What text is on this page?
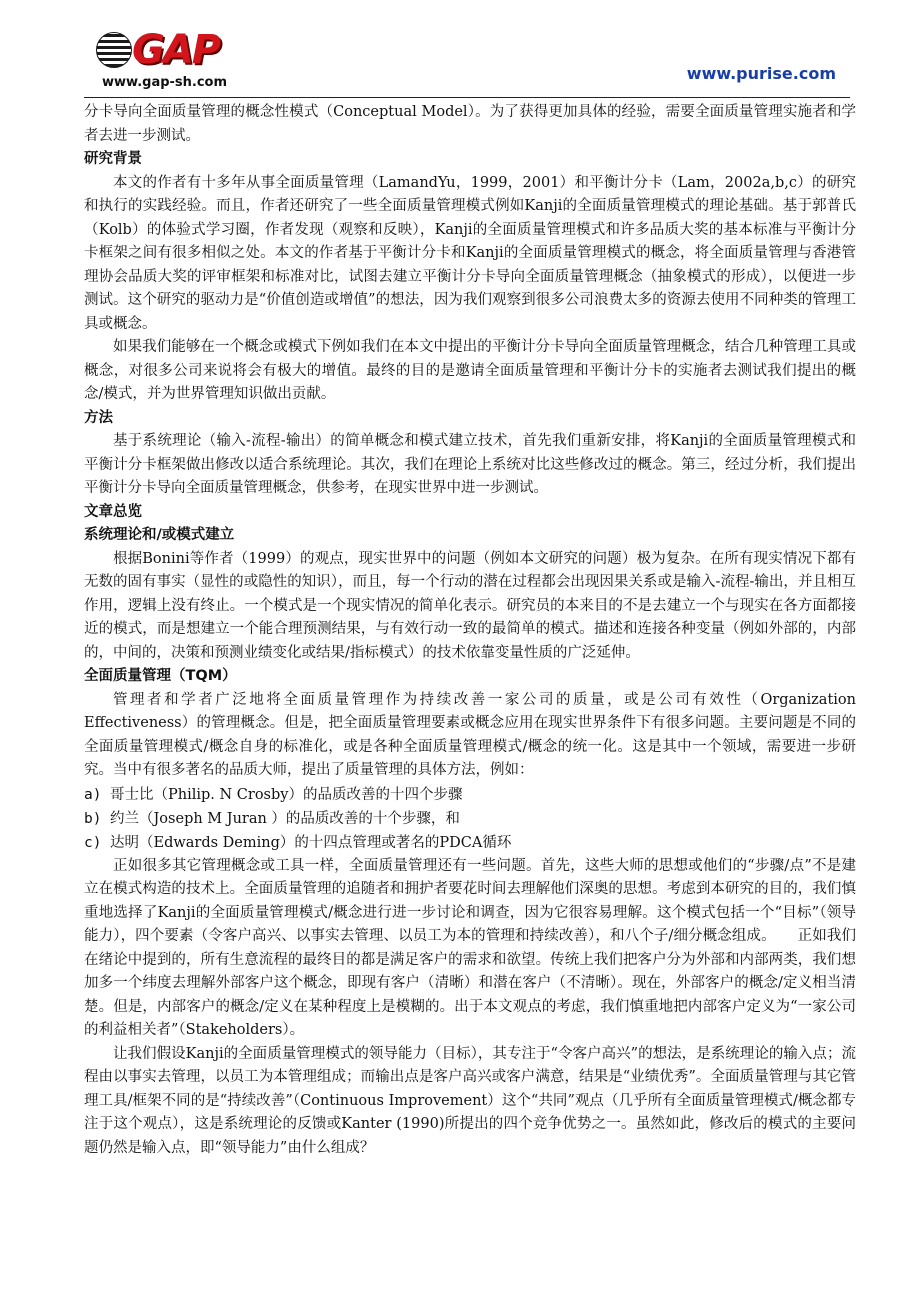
GAP
www.gap-sh.com	www.purise.com

分卡导向全面质量管理的概念性模式（Conceptual Model）。为了获得更加具体的经验，需要全面质量管理实施者和学者去进一步测试。

研究背景

本文的作者有十多年从事全面质量管理（LamandYu，1999，2001）和平衡计分卡（Lam，2002a,b,c）的研究和执行的实践经验。而且，作者还研究了一些全面质量管理模式例如Kanji的全面质量管理模式的理论基础。基于郭普氏（Kolb）的体验式学习圈，作者发现（观察和反映），Kanji的全面质量管理模式和许多品质大奖的基本标准与平衡计分卡框架之间有很多相似之处。本文的作者基于平衡计分卡和Kanji的全面质量管理模式的概念，将全面质量管理与香港管理协会品质大奖的评审框架和标准对比，试图去建立平衡计分卡导向全面质量管理概念（抽象模式的形成），以便进一步测试。这个研究的驱动力是“价值创造或增值”的想法，因为我们观察到很多公司浪费太多的资源去使用不同种类的管理工具或概念。

如果我们能够在一个概念或模式下例如我们在本文中提出的平衡计分卡导向全面质量管理概念，结合几种管理工具或概念，对很多公司来说将会有极大的增值。最终的目的是邀请全面质量管理和平衡计分卡的实施者去测试我们提出的概念/模式，并为世界管理知识做出贡献。

方法

基于系统理论（输入-流程-输出）的简单概念和模式建立技术，首先我们重新安排，将Kanji的全面质量管理模式和平衡计分卡框架做出修改以适合系统理论。其次，我们在理论上系统对比这些修改过的概念。第三，经过分析，我们提出平衡计分卡导向全面质量管理概念，供参考，在现实世界中进一步测试。

文章总览
系统理论和/或模式建立

根据Bonini等作者（1999）的观点，现实世界中的问题（例如本文研究的问题）极为复杂。在所有现实情况下都有无数的固有事实（显性的或隐性的知识），而且，每一个行动的潜在过程都会出现因果关系或是输入-流程-输出，并且相互作用，逻辑上没有终止。一个模式是一个现实情况的简单化表示。研究员的本来目的不是去建立一个与现实在各方面都接近的模式，而是想建立一个能合理预测结果，与有效行动一致的最简单的模式。描述和连接各种变量（例如外部的，内部的，中间的，决策和预测业绩变化或结果/指标模式）的技术依靠变量性质的广泛延伸。

全面质量管理（TQM）

管理者和学者广泛地将全面质量管理作为持续改善一家公司的质量，或是公司有效性（Organization Effectiveness）的管理概念。但是，把全面质量管理要素或概念应用在现实世界条件下有很多问题。主要问题是不同的全面质量管理模式/概念自身的标准化，或是各种全面质量管理模式/概念的统一化。这是其中一个领域，需要进一步研究。当中有很多著名的品质大师，提出了质量管理的具体方法，例如：

a) 哥士比（Philip. N Crosby）的品质改善的十四个步骤
b) 约兰（Joseph M Juran ）的品质改善的十个步骤，和
c) 达明（Edwards Deming）的十四点管理或著名的PDCA循环

正如很多其它管理概念或工具一样，全面质量管理还有一些问题。首先，这些大师的思想或他们的“步骤/点”不是建立在模式构造的技术上。全面质量管理的追随者和拥护者要花时间去理解他们深奥的思想。考虑到本研究的目的，我们慎重地选择了Kanji的全面质量管理模式/概念进行进一步讨论和调查，因为它很容易理解。这个模式包括一个“目标”（领导能力），四个要素（令客户高兴、以事实去管理、以员工为本的管理和持续改善），和八个子/细分概念组成。　　正如我们在绪论中提到的，所有生意流程的最终目的都是满足客户的需求和欲望。传统上我们把客户分为外部和内部两类，我们想加多一个纬度去理解外部客户这个概念，即现有客户（清晰）和潜在客户（不清晰）。现在，外部客户的概念/定义相当清楚。但是，内部客户的概念/定义在某种程度上是模糊的。出于本文观点的考虑，我们慎重地把内部客户定义为“一家公司的利益相关者”（Stakeholders）。

让我们假设Kanji的全面质量管理模式的领导能力（目标），其专注于“令客户高兴”的想法，是系统理论的输入点；流程由以事实去管理，以员工为本管理组成；而输出点是客户高兴或客户满意，结果是“业绩优秀”。全面质量管理与其它管理工具/框架不同的是“持续改善”（Continuous Improvement）这个“共同”观点（几乎所有全面质量管理模式/概念都专注于这个观点），这是系统理论的反馈或Kanter (1990)所提出的四个竞争优势之一。虽然如此，修改后的模式的主要问题仍然是输入点，即“领导能力”由什么组成？
